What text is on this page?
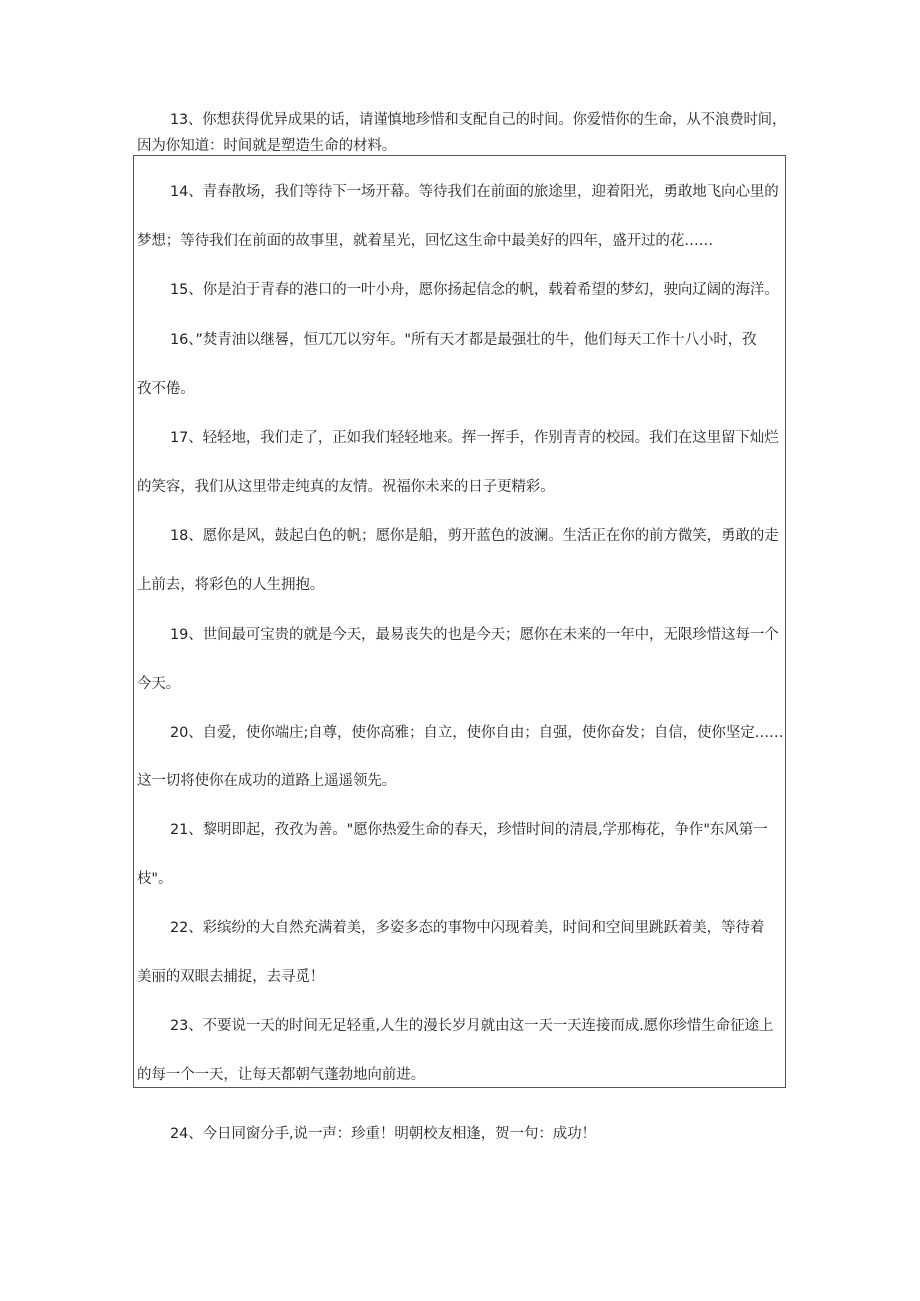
13、你想获得优异成果的话，请谨慎地珍惜和支配自己的时间。你爱惜你的生命，从不浪费时间，
因为你知道：时间就是塑造生命的材料。
14、青春散场，我们等待下一场开幕。等待我们在前面的旅途里，迎着阳光，勇敢地飞向心里的
梦想；等待我们在前面的故事里，就着星光，回忆这生命中最美好的四年，盛开过的花……
15、你是泊于青春的港口的一叶小舟，愿你扬起信念的帆，载着希望的梦幻，驶向辽阔的海洋。
16、”焚青油以继晷，恒兀兀以穷年。"所有天才都是最强壮的牛，他们每天工作十八小时，孜
孜不倦。
17、轻轻地，我们走了，正如我们轻轻地来。挥一挥手，作别青青的校园。我们在这里留下灿烂
的笑容，我们从这里带走纯真的友情。祝福你未来的日子更精彩。
18、愿你是风，鼓起白色的帆；愿你是船，剪开蓝色的波澜。生活正在你的前方微笑，勇敢的走
上前去，将彩色的人生拥抱。
19、世间最可宝贵的就是今天，最易丧失的也是今天；愿你在未来的一年中，无限珍惜这每一个
今天。
20、自爱，使你端庄;自尊，使你高雅；自立，使你自由；自强，使你奋发；自信，使你坚定……
这一切将使你在成功的道路上遥遥领先。
21、黎明即起，孜孜为善。"愿你热爱生命的春天，珍惜时间的清晨,学那梅花，争作"东风第一
枝"。
22、彩缤纷的大自然充满着美，多姿多态的事物中闪现着美，时间和空间里跳跃着美，等待着
美丽的双眼去捕捉，去寻觅！
23、不要说一天的时间无足轻重,人生的漫长岁月就由这一天一天连接而成.愿你珍惜生命征途上
的每一个一天，让每天都朝气蓬勃地向前进。
24、今日同窗分手,说一声：珍重！明朝校友相逢，贺一句：成功！
